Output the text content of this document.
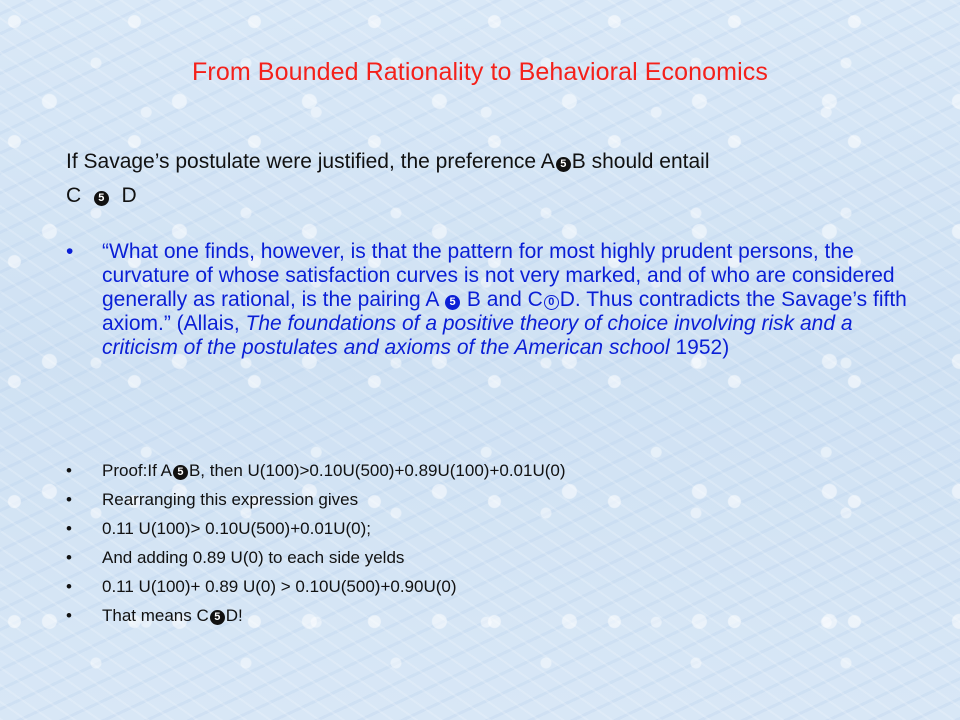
From Bounded Rationality to Behavioral Economics

If Savage’s postulate were justified, the preference A 5 B should entail

C 5 D

•	“What one finds, however, is that the pattern for most highly prudent persons, the curvature of whose satisfaction curves is not very marked, and of who are considered generally as rational, is the pairing A 5 B and C 0 D. Thus contradicts the Savage’s fifth axiom.” (Allais, The foundations of a positive theory of choice involving risk and a criticism of the postulates and axioms of the American school 1952)
•	Proof:If A 5 B, then U(100)>0.10U(500)+0.89U(100)+0.01U(0)
•	Rearranging this expression gives
•	0.11 U(100)> 0.10U(500)+0.01U(0);
•	And adding 0.89 U(0) to each side yelds
•	0.11 U(100)+ 0.89 U(0) > 0.10U(500)+0.90U(0)
•	That means C 5 D!
